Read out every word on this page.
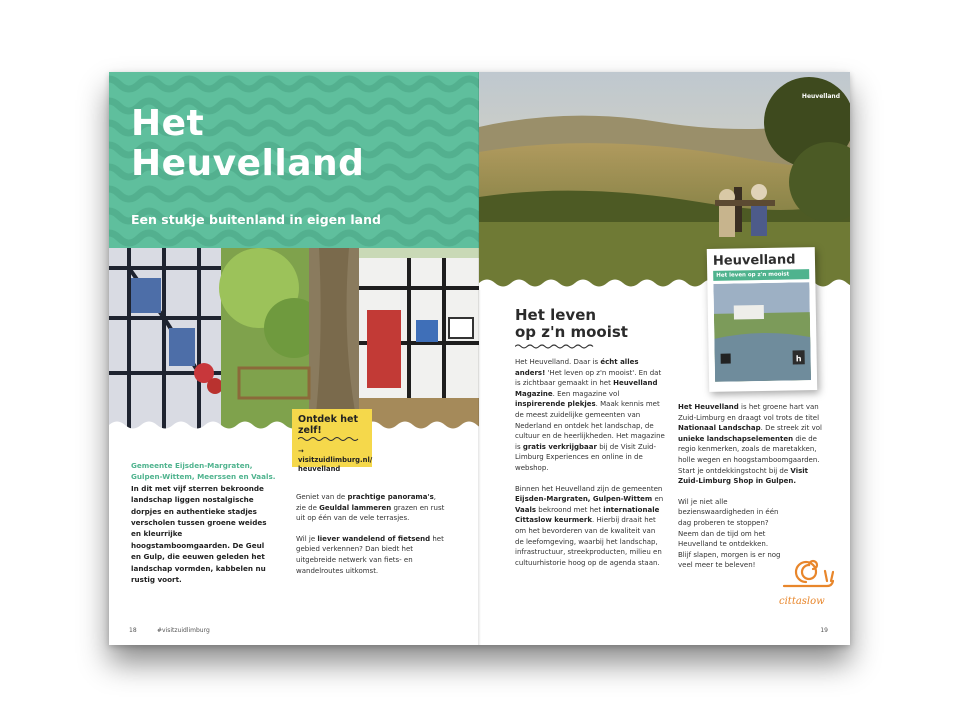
Het
Heuvelland
Een stukje buitenland in eigen land
Ontdek het zelf!
→ visitzuidlimburg.nl/
heuvelland
Gemeente Eijsden-Margraten, Gulpen-Wittem, Meerssen en Vaals. In dit met vijf sterren bekroonde landschap liggen nostalgische dorpjes en authentieke stadjes verscholen tussen groene weides en kleurrijke hoogstamboomgaarden. De Geul en Gulp, die eeuwen geleden het landschap vormden, kabbelen nu rustig voort.

Geniet van de prachtige panorama's, zie de Geuldal lammeren grazen en rust uit op één van de vele terrasjes.

Wil je liever wandelend of fietsend het gebied verkennen? Dan biedt het uitgebreide netwerk van fiets- en wandelroutes uitkomst.

18	#visitzuidlimburg
Heuvelland
Heuvelland
Het leven op z'n mooist
h
Het leven
op z'n mooist

Het Heuvelland. Daar is écht alles anders! 'Het leven op z'n mooist'. En dat is zichtbaar gemaakt in het Heuvelland Magazine. Een magazine vol inspirerende plekjes. Maak kennis met de meest zuidelijke gemeenten van Nederland en ontdek het landschap, de cultuur en de heerlijkheden. Het magazine is gratis verkrijgbaar bij de Visit Zuid-Limburg Experiences en online in de webshop.

Binnen het Heuvelland zijn de gemeenten Eijsden-Margraten, Gulpen-Wittem en Vaals bekroond met het internationale Cittaslow keurmerk. Hierbij draait het om het bevorderen van de kwaliteit van de leefomgeving, waarbij het landschap, infrastructuur, streekproducten, milieu en cultuurhistorie hoog op de agenda staan.

Het Heuvelland is het groene hart van Zuid-Limburg en draagt vol trots de titel Nationaal Landschap. De streek zit vol unieke landschapselementen die de regio kenmerken, zoals de maretakken, holle wegen en hoogstamboomgaarden. Start je ontdekkingstocht bij de Visit Zuid-Limburg Shop in Gulpen.

Wil je niet alle bezienswaardigheden in één dag proberen te stoppen? Neem dan de tijd om het Heuvelland te ontdekken. Blijf slapen, morgen is er nog veel meer te beleven!

cittaslow
19
